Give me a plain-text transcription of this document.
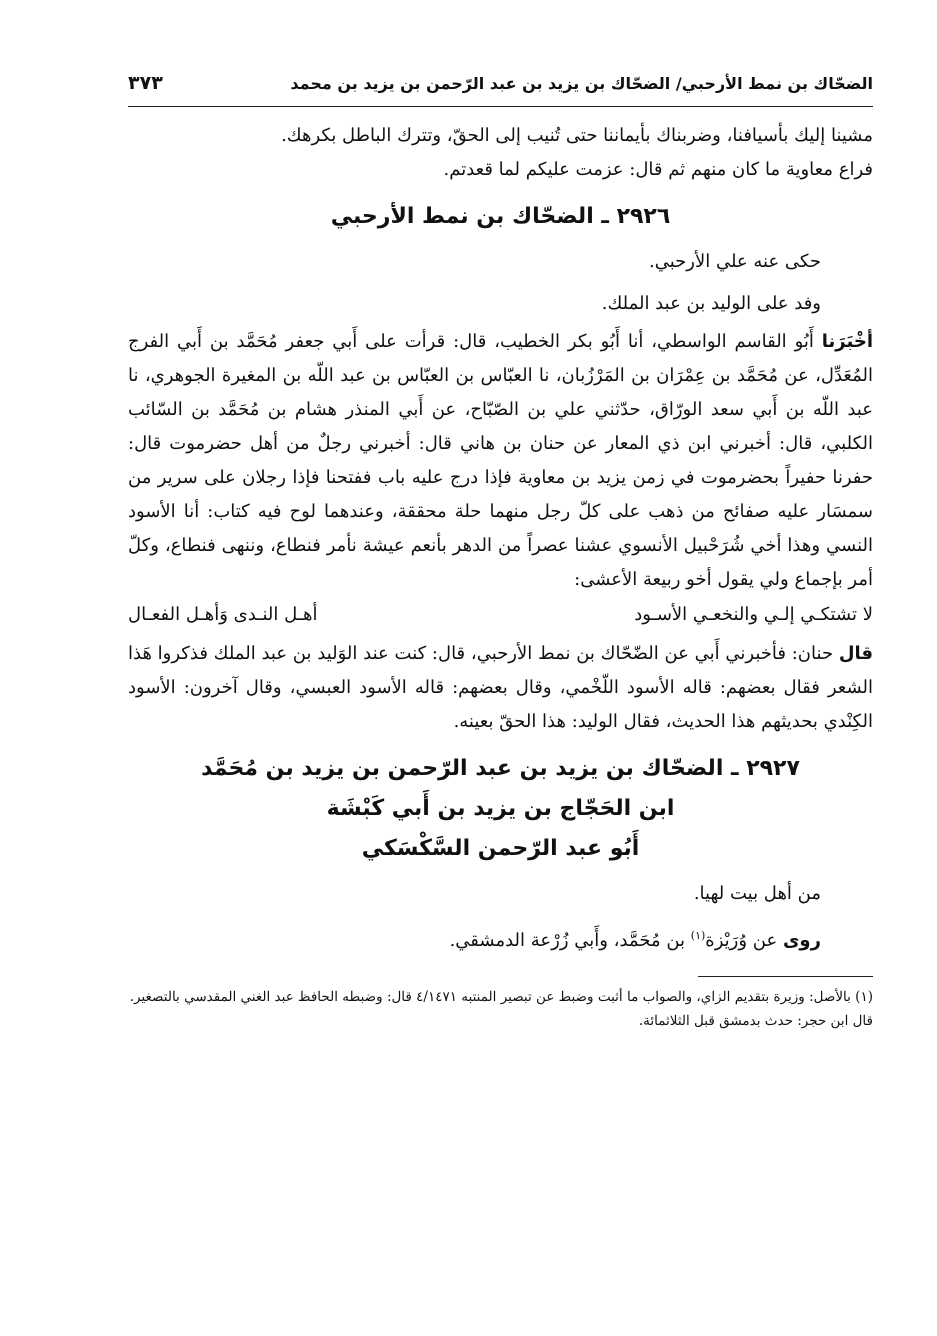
الضحّاك بن نمط الأرحبي/ الضحّاك بن يزيد بن عبد الرّحمن بن يزيد بن محمد
٣٧٣

مشينا إليك بأسيافنا، وضربناك بأيماننا حتى تُنيب إلى الحقّ، وتترك الباطل بكرهك.

فراع معاوية ما كان منهم ثم قال: عزمت عليكم لما قعدتم.

٢٩٢٦ ـ الضحّاك بن نمط الأرحبي

حكى عنه علي الأرحبي.

وفد على الوليد بن عبد الملك.

أخْبَرَنا أَبُو القاسم الواسطي، أنا أَبُو بكر الخطيب، قال: قرأت على أَبي جعفر مُحَمَّد بن أَبي الفرج المُعَدِّل، عن مُحَمَّد بن عِمْرَان بن المَرْزُبان، نا العبّاس بن العبّاس بن عبد اللّه بن المغيرة الجوهري، نا عبد اللّه بن أَبي سعد الورّاق، حدّثني علي بن الصّبّاح، عن أَبي المنذر هشام بن مُحَمَّد بن السّائب الكلبي، قال: أخبرني ابن ذي المعار عن حنان بن هاني قال: أخبرني رجلٌ من أهل حضرموت قال: حفرنا حفيراً بحضرموت في زمن يزيد بن معاوية فإذا درج عليه باب ففتحنا فإذا رجلان على سرير من سمسَار عليه صفائح من ذهب على كلّ رجل منهما حلة محققة، وعندهما لوح فيه كتاب: أنا الأسود النسي وهذا أخي شُرَحْبيل الأنسوي عشنا عصراً من الدهر بأنعم عيشة نأمر فنطاع، وننهى فنطاع، وكلّ أمر بإجماع ولي يقول أخو ربيعة الأعشى:

لا تشتكـي إلـي والنخعـي الأسـود
أهـل النـدى وَأهـل الفعـال

قال حنان: فأخبرني أَبي عن الضّحّاك بن نمط الأرحبي، قال: كنت عند الوَليد بن عبد الملك فذكروا هَذا الشعر فقال بعضهم: قاله الأسود اللّخْمي، وقال بعضهم: قاله الأسود العبسي، وقال آخرون: الأسود الكِنْدي بحديثهم هذا الحديث، فقال الوليد: هذا الحقّ بعينه.

٢٩٢٧ ـ الضحّاك بن يزيد بن عبد الرّحمن بن يزيد بن مُحَمَّد
ابن الحَجّاج بن يزيد بن أَبي كَبْشَة
أَبُو عبد الرّحمن السَّكْسَكي

من أهل بيت لهيا.

روى عن وُرَيْزة$^{(١)}$ بن مُحَمَّد، وأَبي زُرْعة الدمشقي.

(١) بالأصل: وزيرة بتقديم الزاي، والصواب ما أثبت وضبط عن تبصير المنتبه ٤/١٤٧١ قال: وضبطه الحافظ عبد الغني المقدسي بالتصغير. قال ابن حجر: حدث بدمشق قبل الثلاثمائة.
